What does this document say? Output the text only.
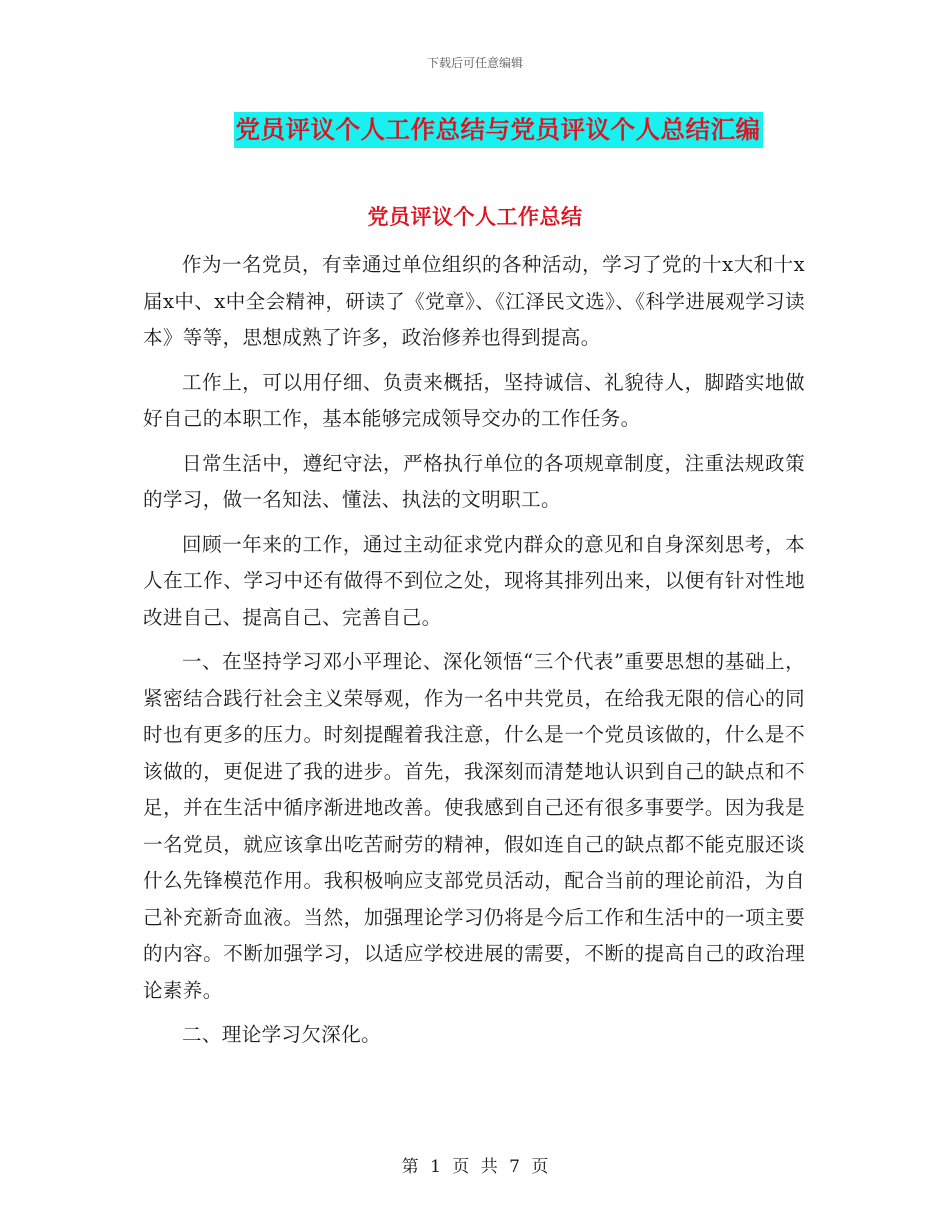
下载后可任意编辑
党员评议个人工作总结与党员评议个人总结汇编
党员评议个人工作总结

作为一名党员，有幸通过单位组织的各种活动，学习了党的十x大和十x届x中、x中全会精神，研读了《党章》、《江泽民文选》、《科学进展观学习读本》等等，思想成熟了许多，政治修养也得到提高。

工作上，可以用仔细、负责来概括，坚持诚信、礼貌待人，脚踏实地做好自己的本职工作，基本能够完成领导交办的工作任务。

日常生活中，遵纪守法，严格执行单位的各项规章制度，注重法规政策的学习，做一名知法、懂法、执法的文明职工。

回顾一年来的工作，通过主动征求党内群众的意见和自身深刻思考，本人在工作、学习中还有做得不到位之处，现将其排列出来，以便有针对性地改进自己、提高自己、完善自己。

一、在坚持学习邓小平理论、深化领悟“三个代表”重要思想的基础上，紧密结合践行社会主义荣辱观，作为一名中共党员，在给我无限的信心的同时也有更多的压力。时刻提醒着我注意，什么是一个党员该做的，什么是不该做的，更促进了我的进步。首先，我深刻而清楚地认识到自己的缺点和不足，并在生活中循序渐进地改善。使我感到自己还有很多事要学。因为我是一名党员，就应该拿出吃苦耐劳的精神，假如连自己的缺点都不能克服还谈什么先锋模范作用。我积极响应支部党员活动，配合当前的理论前沿，为自己补充新奇血液。当然，加强理论学习仍将是今后工作和生活中的一项主要的内容。不断加强学习，以适应学校进展的需要，不断的提高自己的政治理论素养。

二、理论学习欠深化。

第 1 页 共 7 页
